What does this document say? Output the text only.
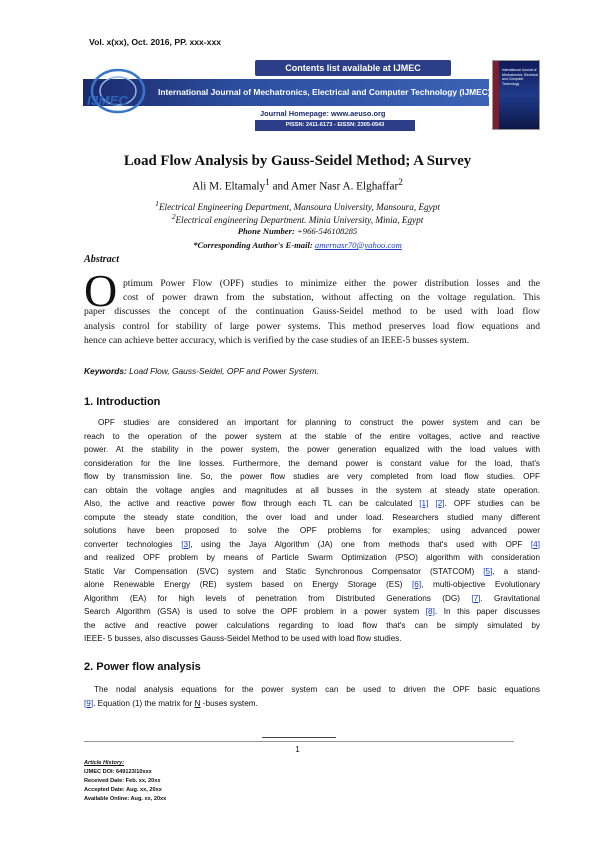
Vol. x(xx), Oct. 2016, PP. xxx-xxx
Contents list available at IJMEC
International Journal of Mechatronics, Electrical and Computer Technology (IJMEC)
IJMEC
Journal Homepage: www.aeuso.org
PISSN: 2411-6173 - EISSN: 2305-0543
International Journal of Mechatronics, Electrical and Computer Technology
Load Flow Analysis by Gauss-Seidel Method; A Survey
Ali M. Eltamaly$^1$ and Amer Nasr A. Elghaffar$^2$
$^1$Electrical Engineering Department, Mansoura University, Mansoura, Egypt
$^2$Electrical engineering Department. Minia University, Minia, Egypt
Phone Number: +966-546108285
*Corresponding Author's E-mail: amernasr70@yahoo.com
Abstract
O ptimum Power Flow (OPF) studies to minimize either the power distribution losses and the
cost of power drawn from the substation, without affecting on the voltage regulation. This
paper discusses the concept of the continuation Gauss-Seidel method to be used with load flow
analysis control for stability of large power systems. This method preserves load flow equations and
hence can achieve better accuracy, which is verified by the case studies of an IEEE-5 busses system.
Keywords: Load Flow, Gauss-Seidel, OPF and Power System.
1. Introduction
OPF studies are considered an important for planning to construct the power system and can be
reach to the operation of the power system at the stable of the entire voltages, active and reactive
power. At the stability in the power system, the power generation equalized with the load values with
consideration for the line losses. Furthermore, the demand power is constant value for the load, that's
flow by transmission line. So, the power flow studies are very completed from load flow studies. OPF
can obtain the voltage angles and magnitudes at all busses in the system at steady state operation.
Also, the active and reactive power flow through each TL can be calculated [1] [2]. OPF studies can be
compute the steady state condition, the over load and under load. Researchers studied many different
solutions have been proposed to solve the OPF problems for examples; using advanced power
converter technologies [3], using the Jaya Algorithm (JA) one from methods that's used with OPF [4]
and realized OPF problem by means of Particle Swarm Optimization (PSO) algorithm with consideration
Static Var Compensation (SVC) system and Static Synchronous Compensator (STATCOM) [5], a stand-
alone Renewable Energy (RE) system based on Energy Storage (ES) [6], multi-objective Evolutionary
Algorithm (EA) for high levels of penetration from Distributed Generations (DG) [7]. Gravitational
Search Algorithm (GSA) is used to solve the OPF problem in a power system [8]. In this paper discusses
the active and reactive power calculations regarding to load flow that's can be simply simulated by
IEEE- 5 busses, also discusses Gauss-Seidel Method to be used with load flow studies.
2. Power flow analysis
The nodal analysis equations for the power system can be used to driven the OPF basic equations
[9]. Equation (1) the matrix for N -buses system.
1
Article History:
IJMEC DOI: 649123/10xxx
Received Date: Feb. xx, 20xx
Accepted Date: Aug. xx, 20xx
Available Online: Aug. xx, 20xx
